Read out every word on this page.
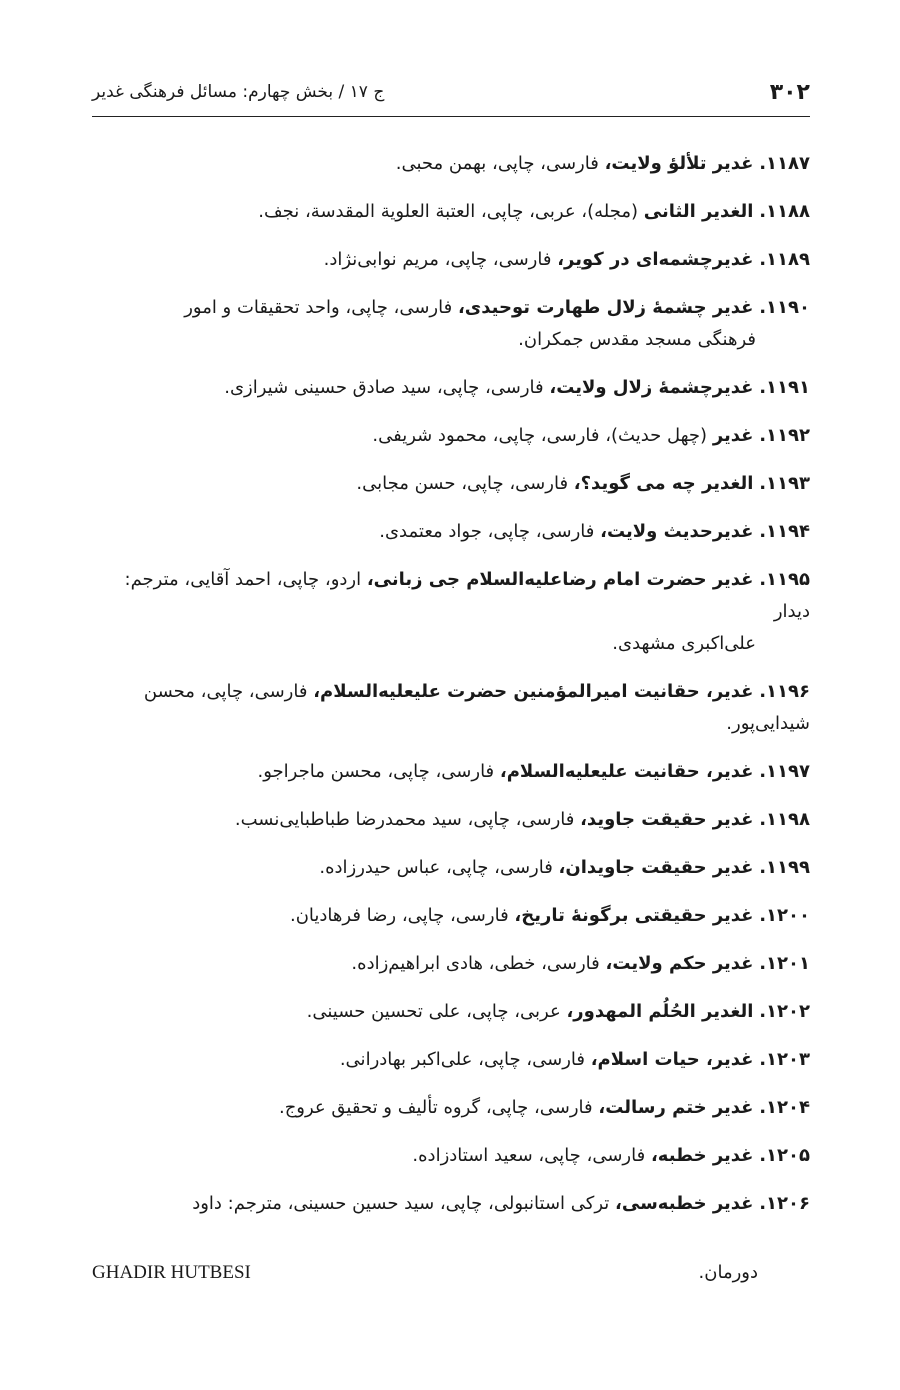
۳۰۲
ج ۱۷ / بخش چهارم: مسائل فرهنگی غدیر
۱۱۸۷. غدیر تلألؤ ولایت، فارسی، چاپی، بهمن محبی.
۱۱۸۸. الغدیر الثانی (مجله)، عربی، چاپی، العتبة العلویة المقدسة، نجف.
۱۱۸۹. غدیرچشمه‌ای در کویر، فارسی، چاپی، مریم نوابی‌نژاد.
۱۱۹۰. غدیر چشمۀ زلال طهارت توحیدی، فارسی، چاپی، واحد تحقیقات و امور
فرهنگی مسجد مقدس جمکران.
۱۱۹۱. غدیرچشمۀ زلال ولایت، فارسی، چاپی، سید صادق حسینی شیرازی.
۱۱۹۲. غدیر (چهل حدیث)، فارسی، چاپی، محمود شریفی.
۱۱۹۳. الغدیر چه می گوید؟، فارسی، چاپی، حسن مجابی.
۱۱۹۴. غدیرحدیث ولایت، فارسی، چاپی، جواد معتمدی.
۱۱۹۵. غدیر حضرت امام رضاعليه‌السلام جی زبانی، اردو، چاپی، احمد آقایی، مترجم: دیدار
علی‌اکبری مشهدی.
۱۱۹۶. غدیر، حقانیت امیرالمؤمنین حضرت علیعليه‌السلام، فارسی، چاپی، محسن شیدایی‌پور.
۱۱۹۷. غدیر، حقانیت علیعليه‌السلام، فارسی، چاپی، محسن ماجراجو.
۱۱۹۸. غدیر حقیقت جاوید، فارسی، چاپی، سید محمدرضا طباطبایی‌نسب.
۱۱۹۹. غدیر حقیقت جاویدان، فارسی، چاپی، عباس حیدرزاده.
۱۲۰۰. غدیر حقیقتی برگونۀ تاریخ، فارسی، چاپی، رضا فرهادیان.
۱۲۰۱. غدیر حکم ولایت، فارسی، خطی، هادی ابراهیم‌زاده.
۱۲۰۲. الغدیر الحُلُم المهدور، عربی، چاپی، علی تحسین حسینی.
۱۲۰۳. غدیر، حیات اسلام، فارسی، چاپی، علی‌اکبر بهادرانی.
۱۲۰۴. غدیر ختم رسالت، فارسی، چاپی، گروه تألیف و تحقیق عروج.
۱۲۰۵. غدیر خطبه، فارسی، چاپی، سعید استادزاده.
۱۲۰۶. غدیر خطبه‌سی، ترکی استانبولی، چاپی، سید حسین حسینی، مترجم: داود
دورمان.
GHADIR HUTBESI
